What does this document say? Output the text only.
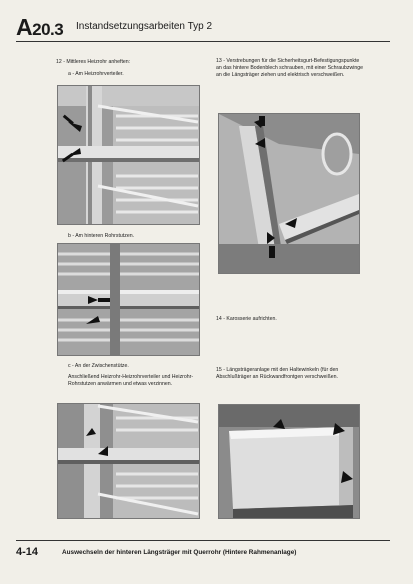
A20.3 Instandsetzungsarbeiten Typ 2
12 - Mittleres Heizrohr anheften:
a - Am Heizrohrverteiler.
b - Am hinteren Rohrstutzen.
c - An der Zwischenstütze.
Anschließend Heizrohr-Heizrohrverteiler und Heizrohr-Rohrstutzen anwärmen und etwas verzinnen.
13 - Verstrebungen für die Sicherheitsgurt-Befestigungspunkte an das hintere Bodenblech schrauben, mit einer Schraubzwinge an die Längsträger ziehen und elektrisch verschweißen.
14 - Karosserie aufrichten.
15 - Längsträgeranlage mit den Haltewinkeln (für den Abschlußträger an Rückwandfrontgen verschweißen.
4-14	Auswechseln der hinteren Längsträger mit Querrohr (Hintere Rahmenanlage)
